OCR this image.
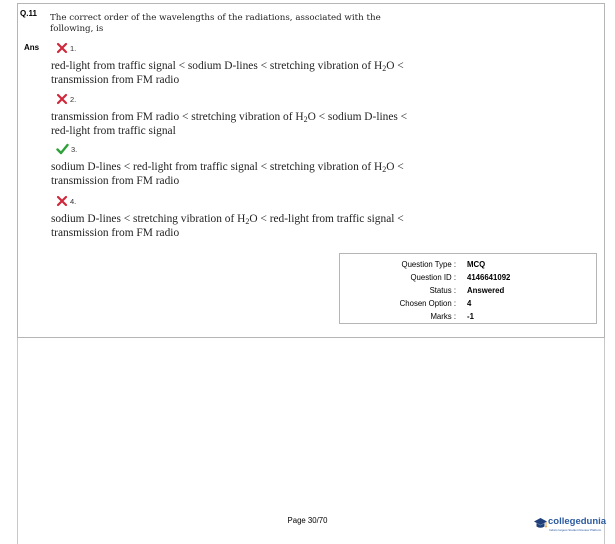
Q.11 The correct order of the wavelengths of the radiations, associated with the following, is
Ans	1.
red-light from traffic signal < sodium D-lines < stretching vibration of $H_2O$ < transmission from FM radio
2.
transmission from FM radio < stretching vibration of $H_2O$ < sodium D-lines < red-light from traffic signal
3.
sodium D-lines < red-light from traffic signal < stretching vibration of $H_2O$ < transmission from FM radio
4.
sodium D-lines < stretching vibration of $H_2O$ < red-light from traffic signal < transmission from FM radio
Question Type : MCQ
Question ID : 4146641092
Status : Answered
Chosen Option : 4
Marks : -1
Page 30/70	collegedunia
India's largest Student Review Platform
